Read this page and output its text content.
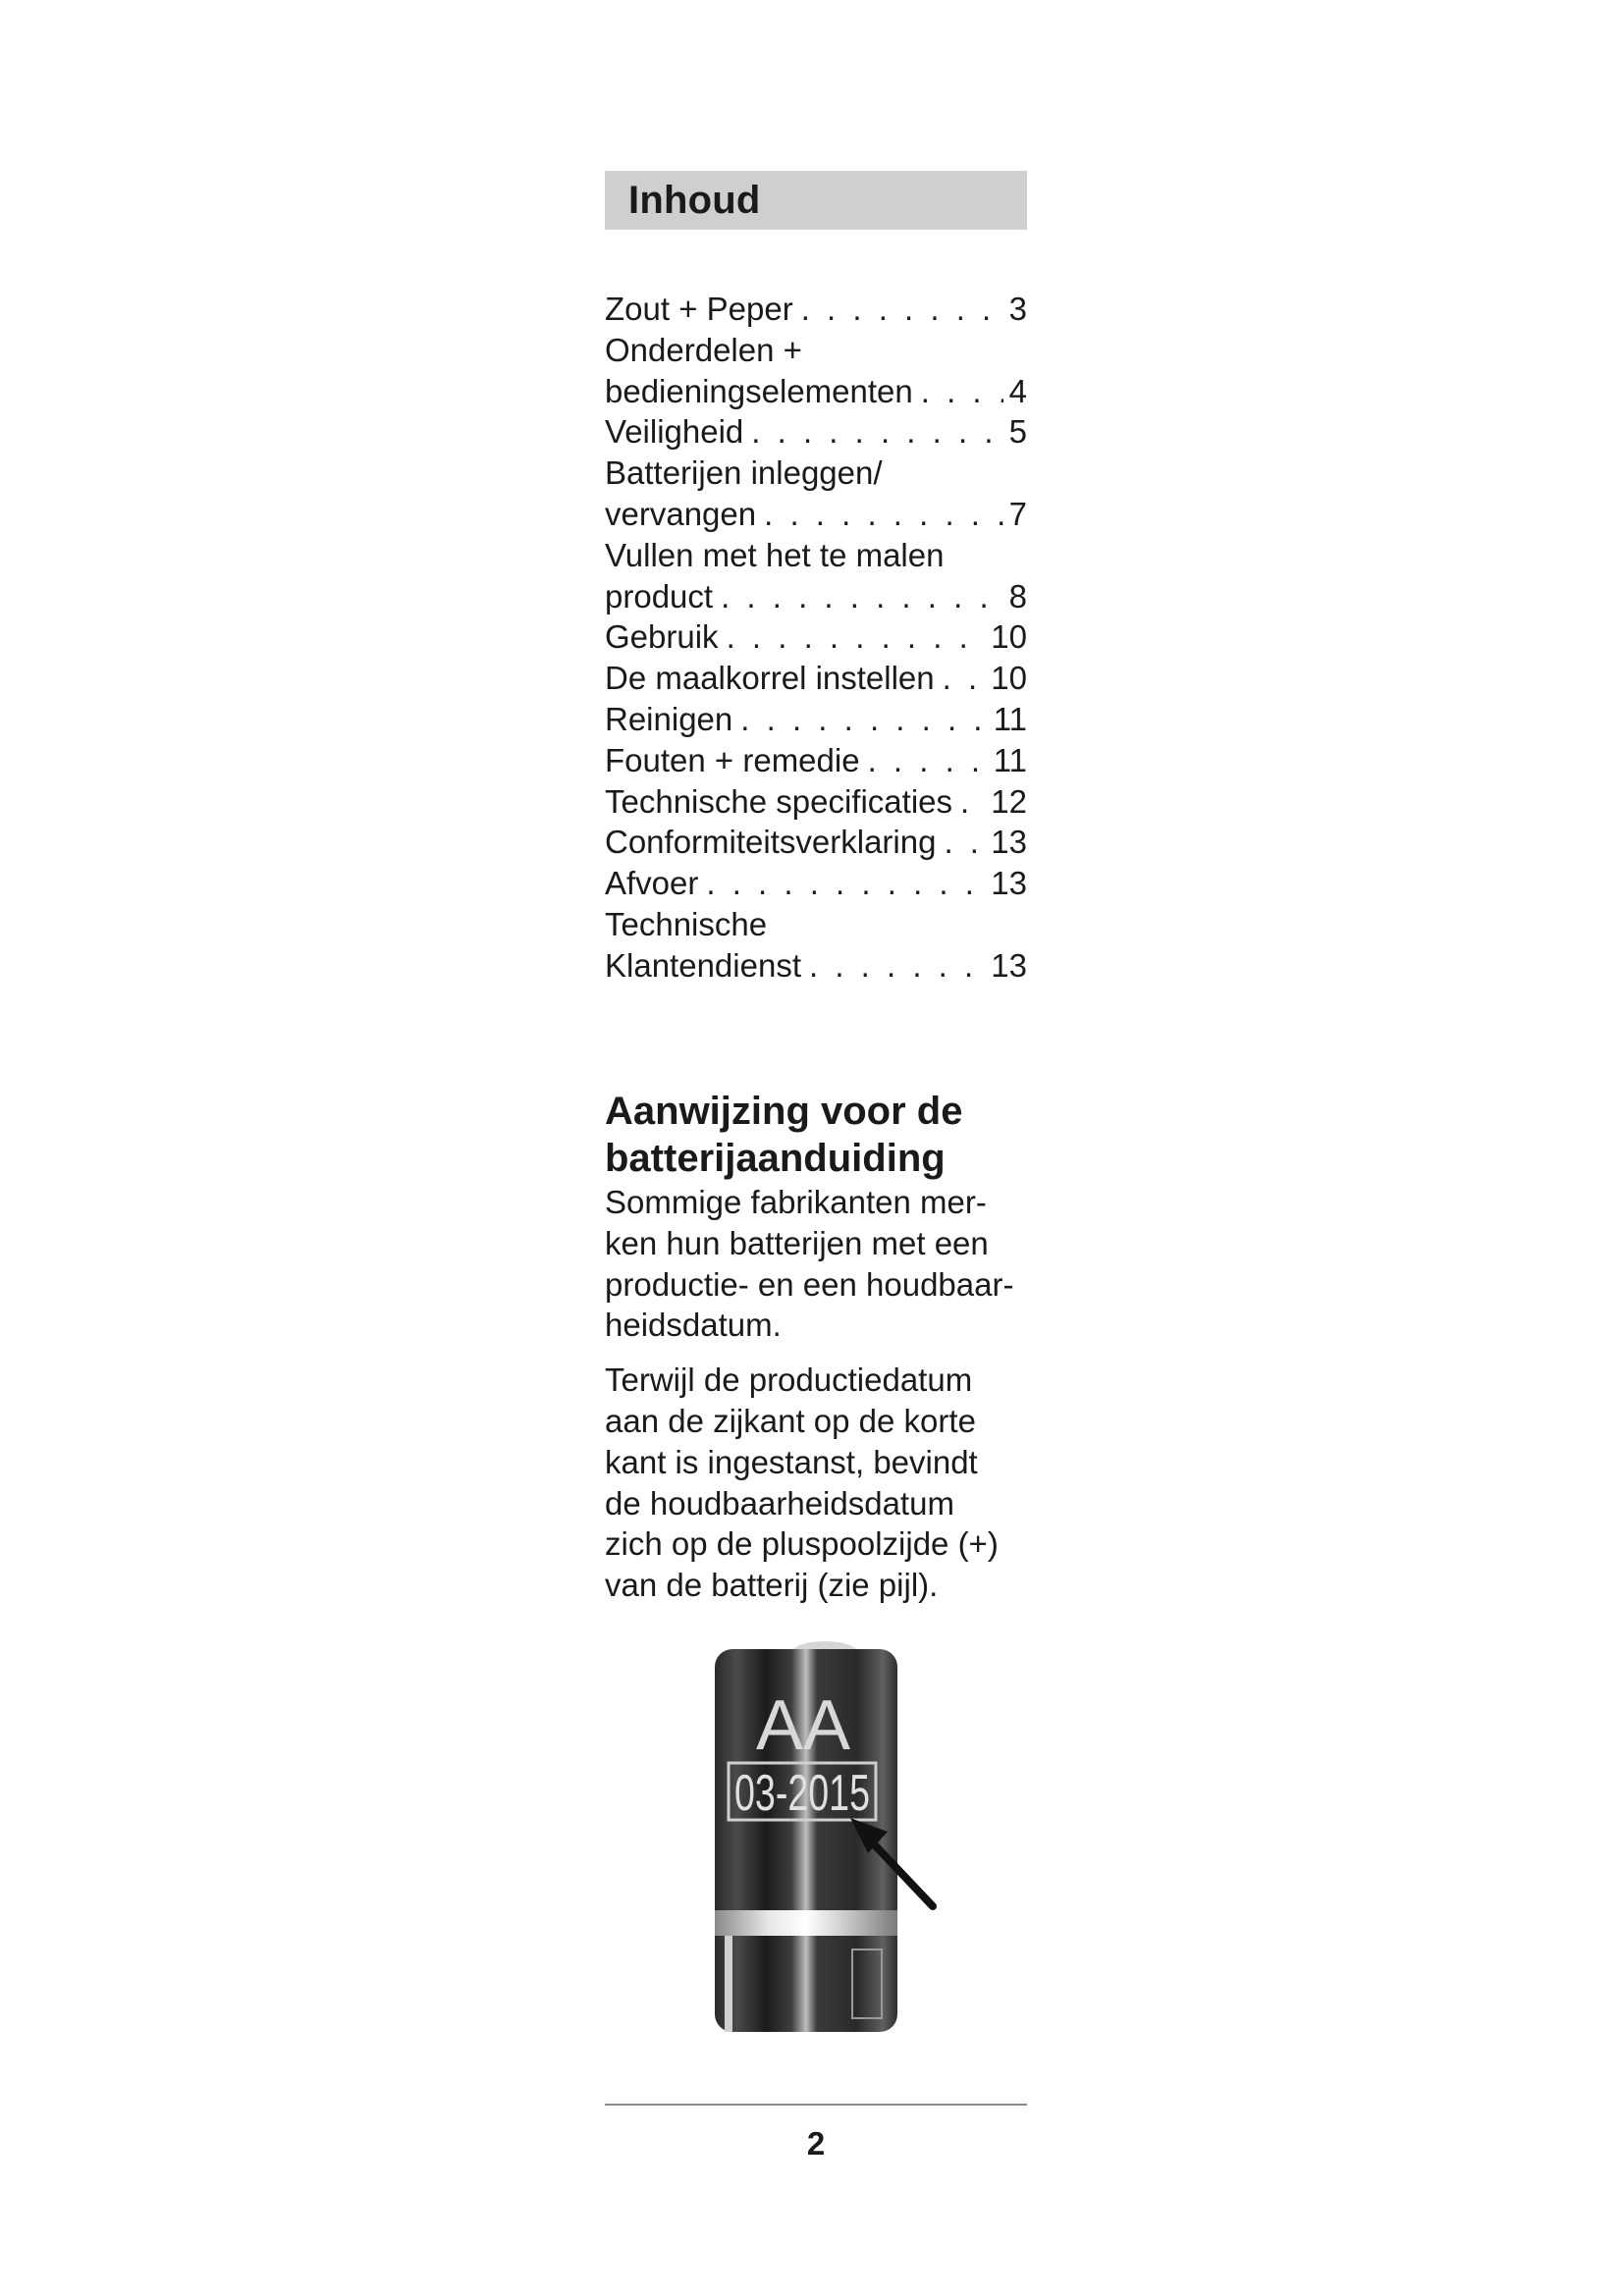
Inhoud
Zout + Peper . . .	3
Onderdelen +
bedieningselementen . . .	4
Veiligheid . . .	5
Batterijen inleggen/
vervangen . . .	7
Vullen met het te malen
product . . .	8
Gebruik . . .	10
De maalkorrel instellen . . . 10
Reinigen . . .	11
Fouten + remedie . . .	11
Technische specificaties . . . 12
Conformiteitsverklaring . . . 13
Afvoer . . .	13
Technische
Klantendienst . . .	13
Aanwijzing voor de batterijaanduiding

Sommige fabrikanten mer-
ken hun batterijen met een
productie- en een houdbaar-
heidsdatum.

Terwijl de productiedatum
aan de zijkant op de korte
kant is ingestanst, bevindt
de houdbaarheidsdatum
zich op de pluspoolzijde (+)
van de batterij (zie pijl).

AA
03-2015
2
